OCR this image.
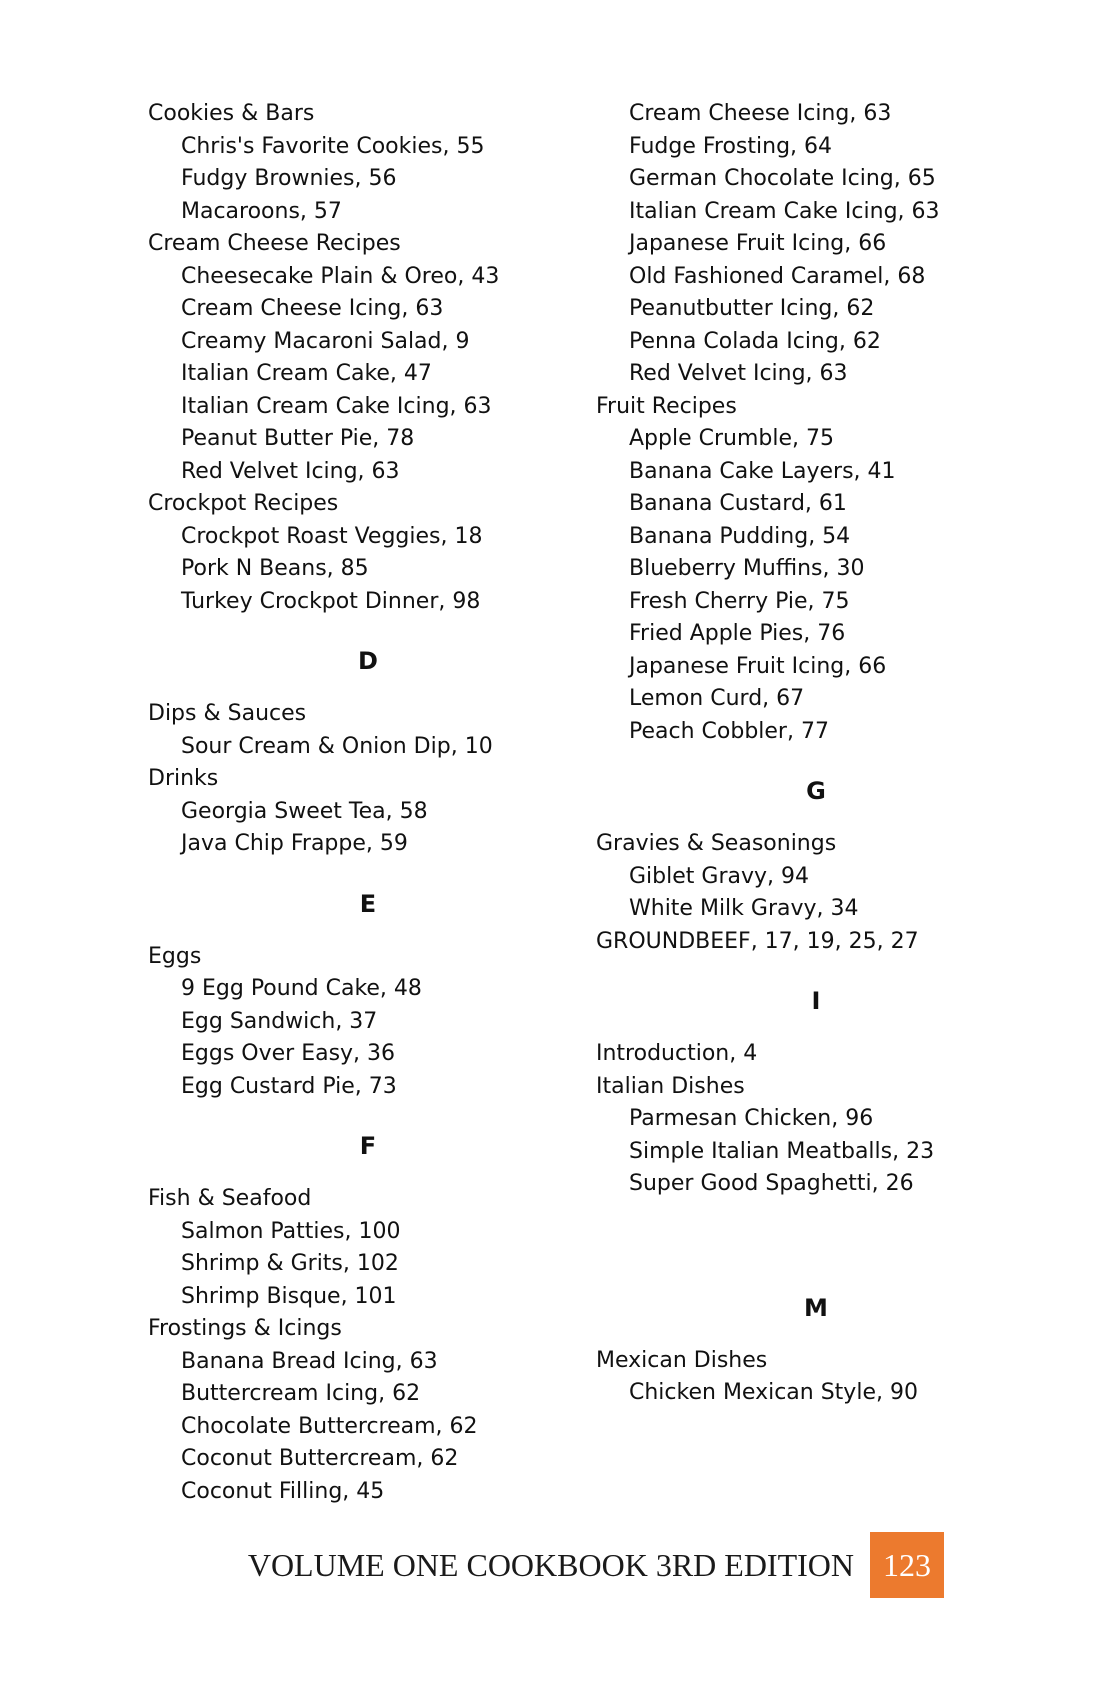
Cookies & Bars
Chris's Favorite Cookies, 55
Fudgy Brownies, 56
Macaroons, 57
Cream Cheese Recipes
Cheesecake Plain & Oreo, 43
Cream Cheese Icing, 63
Creamy Macaroni Salad, 9
Italian Cream Cake, 47
Italian Cream Cake Icing, 63
Peanut Butter Pie, 78
Red Velvet Icing, 63
Crockpot Recipes
Crockpot Roast Veggies, 18
Pork N Beans, 85
Turkey Crockpot Dinner, 98
D
Dips & Sauces
Sour Cream & Onion Dip, 10
Drinks
Georgia Sweet Tea, 58
Java Chip Frappe, 59
E
Eggs
9 Egg Pound Cake, 48
Egg Sandwich, 37
Eggs Over Easy, 36
Egg Custard Pie, 73
F
Fish & Seafood
Salmon Patties, 100
Shrimp & Grits, 102
Shrimp Bisque, 101
Frostings & Icings
Banana Bread Icing, 63
Buttercream Icing, 62
Chocolate Buttercream, 62
Coconut Buttercream, 62
Coconut Filling, 45
Cream Cheese Icing, 63
Fudge Frosting, 64
German Chocolate Icing, 65
Italian Cream Cake Icing, 63
Japanese Fruit Icing, 66
Old Fashioned Caramel, 68
Peanutbutter Icing, 62
Penna Colada Icing, 62
Red Velvet Icing, 63
Fruit Recipes
Apple Crumble, 75
Banana Cake Layers, 41
Banana Custard, 61
Banana Pudding, 54
Blueberry Muffins, 30
Fresh Cherry Pie, 75
Fried Apple Pies, 76
Japanese Fruit Icing, 66
Lemon Curd, 67
Peach Cobbler, 77
G
Gravies & Seasonings
Giblet Gravy, 94
White Milk Gravy, 34
GROUNDBEEF, 17, 19, 25, 27
I
Introduction, 4
Italian Dishes
Parmesan Chicken, 96
Simple Italian Meatballs, 23
Super Good Spaghetti, 26
M
Mexican Dishes
Chicken Mexican Style, 90
VOLUME ONE COOKBOOK 3RD EDITION 123
